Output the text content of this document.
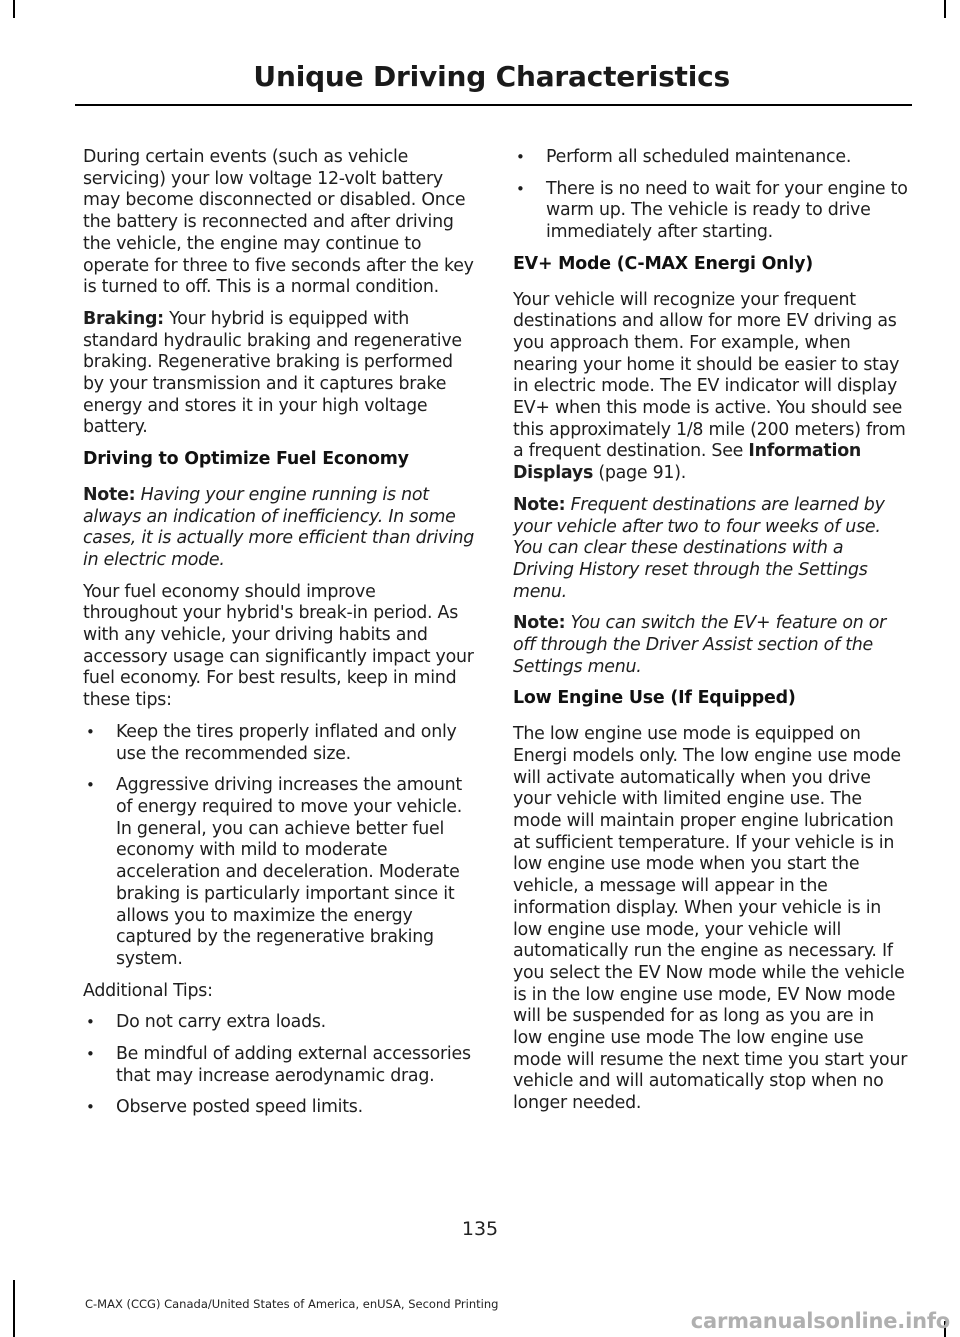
Unique Driving Characteristics

During certain events (such as vehicle servicing) your low voltage 12-volt battery may become disconnected or disabled. Once the battery is reconnected and after driving the vehicle, the engine may continue to operate for three to five seconds after the key is turned to off. This is a normal condition.

Braking: Your hybrid is equipped with standard hydraulic braking and regenerative braking. Regenerative braking is performed by your transmission and it captures brake energy and stores it in your high voltage battery.

Driving to Optimize Fuel Economy

Note: Having your engine running is not always an indication of inefficiency. In some cases, it is actually more efficient than driving in electric mode.

Your fuel economy should improve throughout your hybrid's break-in period. As with any vehicle, your driving habits and accessory usage can significantly impact your fuel economy. For best results, keep in mind these tips:

• Keep the tires properly inflated and only use the recommended size.
• Aggressive driving increases the amount of energy required to move your vehicle. In general, you can achieve better fuel economy with mild to moderate acceleration and deceleration. Moderate braking is particularly important since it allows you to maximize the energy captured by the regenerative braking system.

Additional Tips:

• Do not carry extra loads.
• Be mindful of adding external accessories that may increase aerodynamic drag.
• Observe posted speed limits.
• Perform all scheduled maintenance.
• There is no need to wait for your engine to warm up. The vehicle is ready to drive immediately after starting.
EV+ Mode (C-MAX Energi Only)

Your vehicle will recognize your frequent destinations and allow for more EV driving as you approach them. For example, when nearing your home it should be easier to stay in electric mode. The EV indicator will display EV+ when this mode is active. You should see this approximately 1/8 mile (200 meters) from a frequent destination. See Information Displays (page 91).

Note: Frequent destinations are learned by your vehicle after two to four weeks of use. You can clear these destinations with a Driving History reset through the Settings menu.

Note: You can switch the EV+ feature on or off through the Driver Assist section of the Settings menu.

Low Engine Use (If Equipped)

The low engine use mode is equipped on Energi models only. The low engine use mode will activate automatically when you drive your vehicle with limited engine use. The mode will maintain proper engine lubrication at sufficient temperature. If your vehicle is in low engine use mode when you start the vehicle, a message will appear in the information display. When your vehicle is in low engine use mode, your vehicle will automatically run the engine as necessary. If you select the EV Now mode while the vehicle is in the low engine use mode, EV Now mode will be suspended for as long as you are in low engine use mode The low engine use mode will resume the next time you start your vehicle and will automatically stop when no longer needed.

135
C-MAX (CCG) Canada/United States of America, enUSA, Second Printing
carmanualsonline.info
